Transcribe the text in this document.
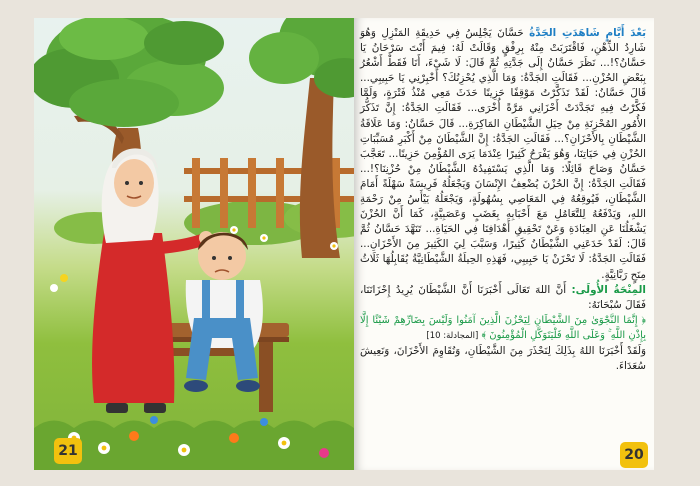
21

بَعْدَ أَيَّامٍ شَاهَدَتِ الجَدَّةُ حَسَّانَ يَجْلِسُ فِي حَدِيقَةِ المَنْزِلِ وَهُوَ شَارِدُ الذِّهْنِ، فَاقْتَرَبَتْ مِنْهُ بِرِفْقٍ وَقَالَتْ لَهُ: فِيمَ أَنْتَ سَرْحَانُ يَا حَسَّانُ؟!... نَظَرَ حَسَّانُ إِلَى جَدَّتِهِ ثُمَّ قَالَ: لَا شَيْءَ، أَنَا فَقَطْ أَشْعُرُ بِبَعْضِ الحُزْنِ... فَقَالَتِ الجَدَّةُ: وَمَا الَّذِي يُحْزِنُكَ؟ أَخْبِرْنِي يَا حَبِيبِي... قَالَ حَسَّانُ: لَقَدْ تَذَكَّرْتُ مَوْقِفًا حَزِينًا حَدَثَ مَعِي مُنْذُ فَتْرَةٍ، وَلَمَّا فَكَّرْتُ فِيهِ تَجَدَّدَتْ أَحْزَانِي مَرَّةً أُخْرَى... فَقَالَتِ الجَدَّةُ: إِنَّ تَذَكُّرَ الأُمُورِ المُحْزِنَةِ مِنْ حِيَلِ الشَّيْطَانِ المَاكِرَةِ... قَالَ حَسَّانُ: وَمَا عَلَاقَةُ الشَّيْطَانِ بِالأَحْزَانِ؟... فَقَالَتِ الجَدَّةُ: إِنَّ الشَّيْطَانَ مِنْ أَكْبَرِ مُسَبِّبَاتِ الحُزْنِ فِي حَيَاتِنَا، وَهُوَ يَفْرَحُ كَثِيرًا عِنْدَمَا يَرَى المُؤْمِنَ حَزِينًا... تَعَجَّبَ حَسَّانُ وَصَاحَ قَائِلًا: وَمَا الَّذِي يَسْتَفِيدُهُ الشَّيْطَانُ مِنْ حُزْنِنَا؟!... فَقَالَتِ الجَدَّةُ: إِنَّ الحُزْنَ يُضْعِفُ الإِنْسَانَ وَيَجْعَلُهُ فَرِيسَةً سَهْلَةً أَمَامَ الشَّيْطَانِ، فَيُوقِعُهُ فِي المَعَاصِي بِسُهُولَةٍ، وَيَجْعَلُهُ يَيْأَسُ مِنْ رَحْمَةِ اللهِ، وَيَدْفَعُهُ لِلتَّعَامُلِ مَعَ أَحْبَابِهِ بِغَضَبٍ وَعَصَبِيَّةٍ، كَمَا أَنَّ الحُزْنَ يَشْغَلُنَا عَنِ العِبَادَةِ وَعَنْ تَحْقِيقِ أَهْدَافِنَا فِي الحَيَاةِ... تَنَهَّدَ حَسَّانُ ثُمَّ قَالَ: لَقَدْ خَدَعَنِي الشَّيْطَانُ كَثِيرًا، وَسَبَّبَ لِيَ الكَثِيرَ مِنَ الأَحْزَانِ... فَقَالَتِ الجَدَّةُ: لَا تَحْزَنْ يَا حَبِيبِي، فَهَذِهِ الحِيلَةُ الشَّيْطَانِيَّةُ يُقَابِلُهَا ثَلَاثُ مِنَحٍ رَبَّانِيَّةٍ.

المِنْحَةُ الأُولَى: أَنَّ اللهَ تَعَالَى أَخْبَرَنَا أَنَّ الشَّيْطَانَ يُرِيدُ إِحْزَانَنَا، فَقَالَ سُبْحَانَهُ:

﴿ إِنَّمَا النَّجْوَىٰ مِنَ الشَّيْطَانِ لِيَحْزُنَ الَّذِينَ آمَنُوا وَلَيْسَ بِضَارِّهِمْ شَيْئًا إِلَّا بِإِذْنِ اللَّهِ ۚ وَعَلَى اللَّهِ فَلْيَتَوَكَّلِ الْمُؤْمِنُونَ ﴾ [المجادلة: 10]

وَلَقَدْ أَخْبَرَنَا اللهُ بِذَلِكَ لِنَحْذَرَ مِنَ الشَّيْطَانِ، وَنُقَاوِمَ الأَحْزَانَ، وَنَعِيشَ سُعَدَاءَ.

20
